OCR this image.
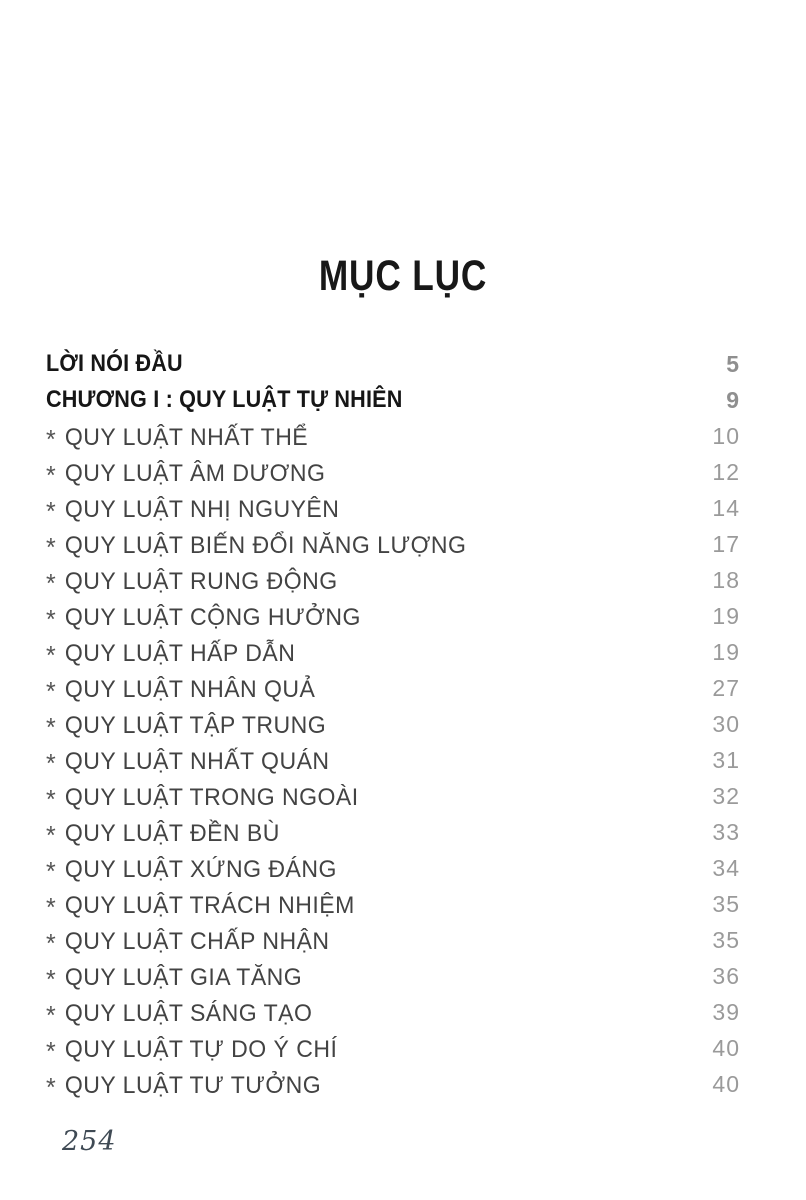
MỤC LỤC
LỜI NÓI ĐẦU	5
CHƯƠNG I : QUY LUẬT TỰ NHIÊN	9
* QUY LUẬT NHẤT THỂ	10
* QUY LUẬT ÂM DƯƠNG	12
* QUY LUẬT NHỊ NGUYÊN	14
* QUY LUẬT BIẾN ĐỔI NĂNG LƯỢNG	17
* QUY LUẬT RUNG ĐỘNG	18
* QUY LUẬT CỘNG HƯỞNG	19
* QUY LUẬT HẤP DẪN	19
* QUY LUẬT NHÂN QUẢ	27
* QUY LUẬT TẬP TRUNG	30
* QUY LUẬT NHẤT QUÁN	31
* QUY LUẬT TRONG NGOÀI	32
* QUY LUẬT ĐỀN BÙ	33
* QUY LUẬT XỨNG ĐÁNG	34
* QUY LUẬT TRÁCH NHIỆM	35
* QUY LUẬT CHẤP NHẬN	35
* QUY LUẬT GIA TĂNG	36
* QUY LUẬT SÁNG TẠO	39
* QUY LUẬT TỰ DO Ý CHÍ	40
* QUY LUẬT TƯ TƯỞNG	40
254
